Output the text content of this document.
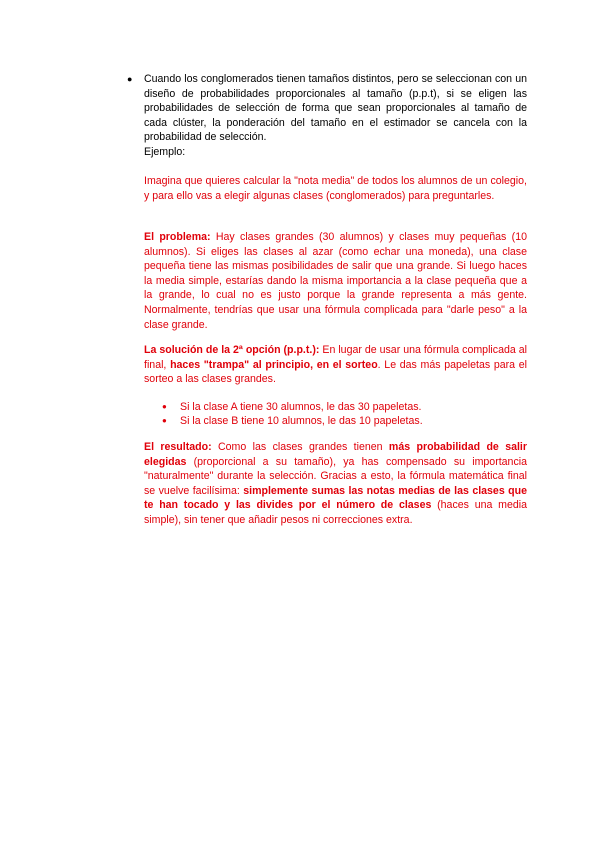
● Cuando los conglomerados tienen tamaños distintos, pero se seleccionan con un diseño de probabilidades proporcionales al tamaño (p.p.t), si se eligen las probabilidades de selección de forma que sean proporcionales al tamaño de cada clúster, la ponderación del tamaño en el estimador se cancela con la probabilidad de selección.

Ejemplo:

Imagina que quieres calcular la "nota media" de todos los alumnos de un colegio, y para ello vas a elegir algunas clases (conglomerados) para preguntarles.

El problema: Hay clases grandes (30 alumnos) y clases muy pequeñas (10 alumnos). Si eliges las clases al azar (como echar una moneda), una clase pequeña tiene las mismas posibilidades de salir que una grande. Si luego haces la media simple, estarías dando la misma importancia a la clase pequeña que a la grande, lo cual no es justo porque la grande representa a más gente. Normalmente, tendrías que usar una fórmula complicada para "darle peso" a la clase grande.

La solución de la 2ª opción (p.p.t.): En lugar de usar una fórmula complicada al final, haces "trampa" al principio, en el sorteo. Le das más papeletas para el sorteo a las clases grandes.

● Si la clase A tiene 30 alumnos, le das 30 papeletas.
● Si la clase B tiene 10 alumnos, le das 10 papeletas.

El resultado: Como las clases grandes tienen más probabilidad de salir elegidas (proporcional a su tamaño), ya has compensado su importancia "naturalmente" durante la selección. Gracias a esto, la fórmula matemática final se vuelve facilísima: simplemente sumas las notas medias de las clases que te han tocado y las divides por el número de clases (haces una media simple), sin tener que añadir pesos ni correcciones extra.
